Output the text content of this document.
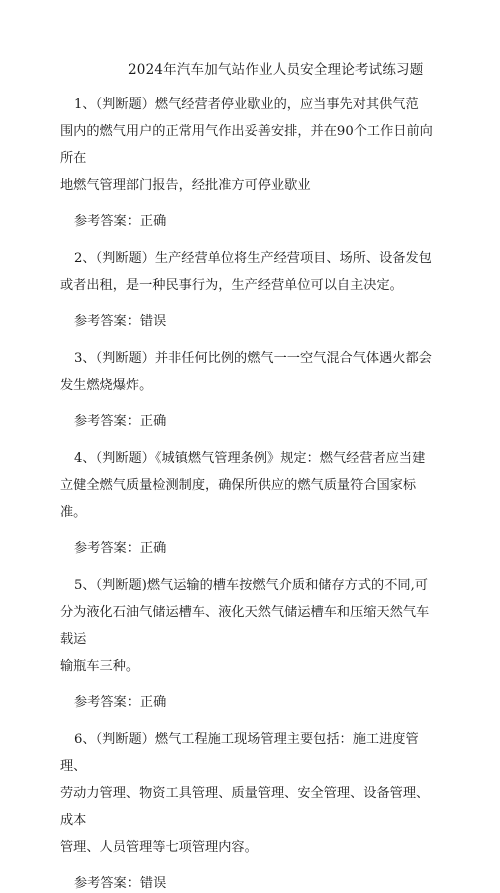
2024年汽车加气站作业人员安全理论考试练习题

1、（判断题）燃气经营者停业歇业的，应当事先对其供气范
围内的燃气用户的正常用气作出妥善安排，并在90个工作日前向所在
地燃气管理部门报告，经批准方可停业歇业

参考答案：正确

2、（判断题）生产经营单位将生产经营项目、场所、设备发包
或者出租，是一种民事行为，生产经营单位可以自主决定。

参考答案：错误

3、（判断题）并非任何比例的燃气一一空气混合气体遇火都会
发生燃烧爆炸。

参考答案：正确

4、（判断题）《城镇燃气管理条例》规定：燃气经营者应当建
立健全燃气质量检测制度，确保所供应的燃气质量符合国家标准。

参考答案：正确

5、（判断题)燃气运输的槽车按燃气介质和储存方式的不同,可
分为液化石油气储运槽车、液化天然气储运槽车和压缩天然气车载运
输瓶车三种。

参考答案：正确

6、（判断题）燃气工程施工现场管理主要包括：施工进度管理、
劳动力管理、物资工具管理、质量管理、安全管理、设备管理、成本
管理、人员管理等七项管理内容。

参考答案：错误
